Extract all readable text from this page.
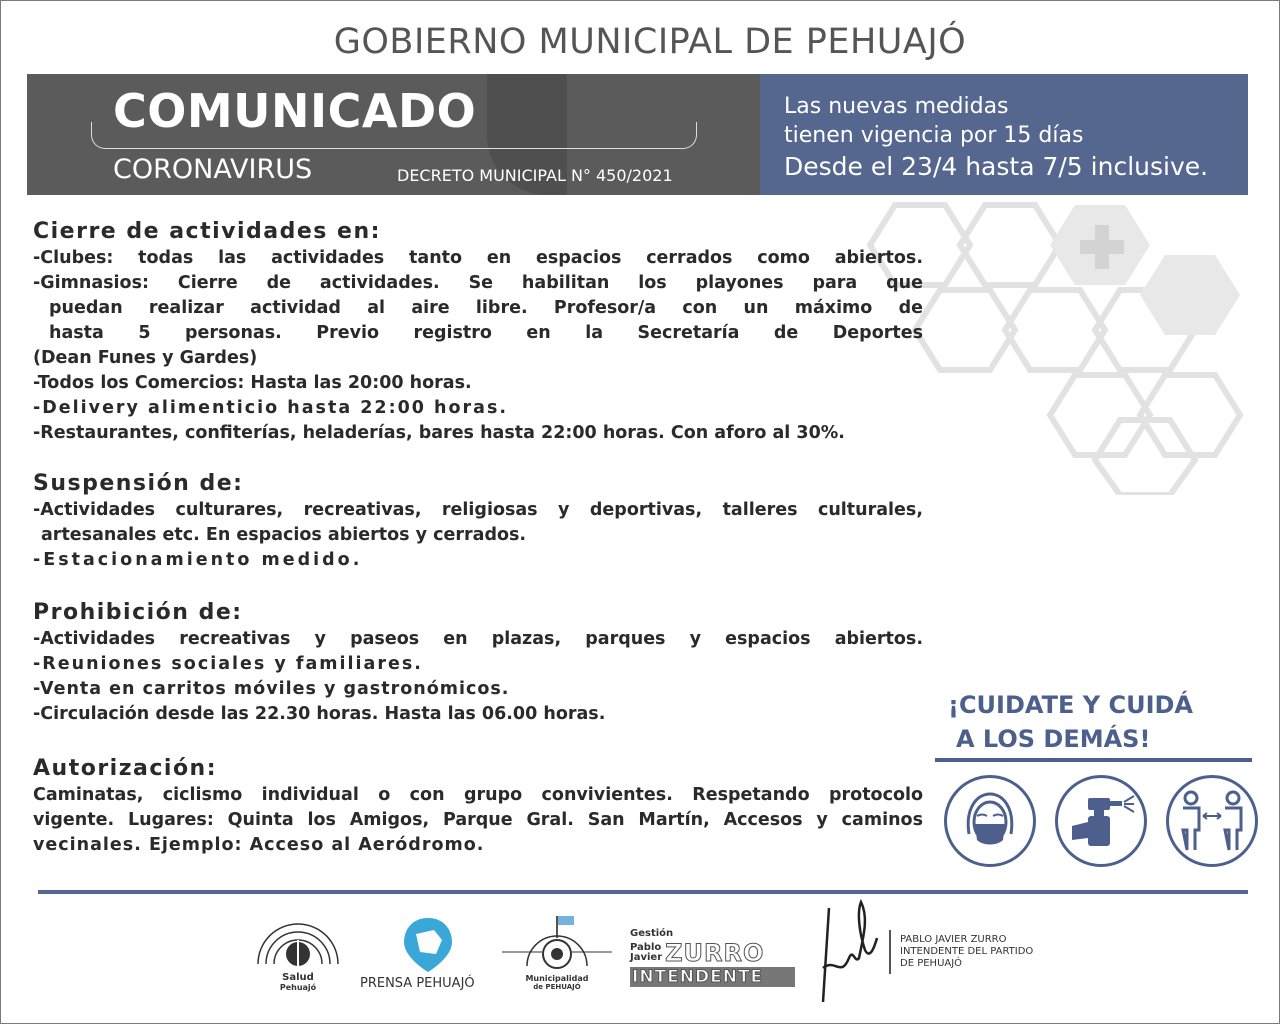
GOBIERNO MUNICIPAL DE PEHUAJÓ
COMUNICADO
CORONAVIRUS	DECRETO MUNICIPAL N° 450/2021
Las nuevas medidas
tienen vigencia por 15 días
Desde el 23/4 hasta 7/5 inclusive.

Cierre de actividades en:

-Clubes: todas las actividades tanto en espacios cerrados como abiertos.

-Gimnasios: Cierre de actividades. Se habilitan los playones para que

puedan realizar actividad al aire libre. Profesor/a con un máximo de

hasta 5 personas. Previo registro en la Secretaría de Deportes

(Dean Funes y Gardes)

-Todos los Comercios: Hasta las 20:00 horas.

-Delivery alimenticio hasta 22:00 horas.

-Restaurantes, confiterías, heladerías, bares hasta 22:00 horas. Con aforo al 30%.

Suspensión de:

-Actividades culturares, recreativas, religiosas y deportivas, talleres culturales,

artesanales etc. En espacios abiertos y cerrados.

-Estacionamiento medido.

Prohibición de:

-Actividades recreativas y paseos en plazas, parques y espacios abiertos.

-Reuniones sociales y familiares.

-Venta en carritos móviles y gastronómicos.

-Circulación desde las 22.30 horas. Hasta las 06.00 horas.

Autorización:

Caminatas, ciclismo individual o con grupo convivientes. Respetando protocolo

vigente. Lugares: Quinta los Amigos, Parque Gral. San Martín, Accesos y caminos

vecinales. Ejemplo: Acceso al Aeródromo.

¡CUIDATE Y CUIDÁ
A LOS DEMÁS!
Salud
Pehuajó	PRENSA PEHUAJÓ	Municipalidad
de PEHUAJÓ
Gestión
Pablo
Javier ZURRO
INTENDENTE
PABLO JAVIER ZURRO
INTENDENTE DEL PARTIDO
DE PEHUAJÓ
